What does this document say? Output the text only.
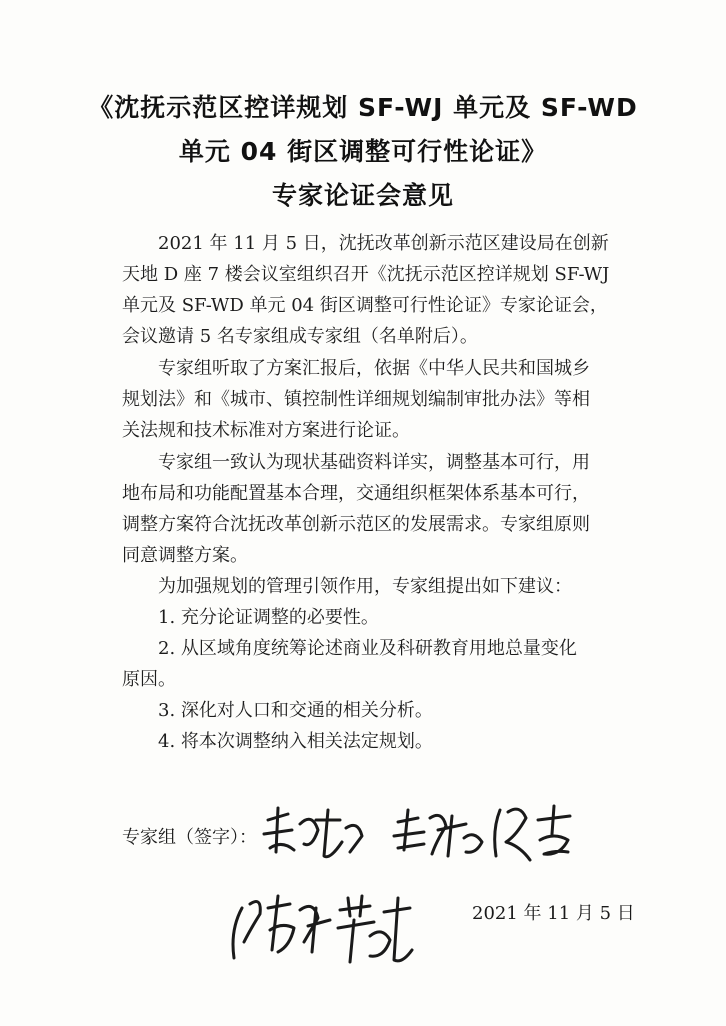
《沈抚示范区控详规划 SF-WJ 单元及 SF-WD
单元 04 街区调整可行性论证》
专家论证会意见
2021 年 11 月 5 日，沈抚改革创新示范区建设局在创新
天地 D 座 7 楼会议室组织召开《沈抚示范区控详规划 SF-WJ
单元及 SF-WD 单元 04 街区调整可行性论证》专家论证会，
会议邀请 5 名专家组成专家组（名单附后）。
专家组听取了方案汇报后，依据《中华人民共和国城乡
规划法》和《城市、镇控制性详细规划编制审批办法》等相
关法规和技术标准对方案进行论证。
专家组一致认为现状基础资料详实，调整基本可行，用
地布局和功能配置基本合理，交通组织框架体系基本可行，
调整方案符合沈抚改革创新示范区的发展需求。专家组原则
同意调整方案。
为加强规划的管理引领作用，专家组提出如下建议：
1. 充分论证调整的必要性。
2. 从区域角度统筹论述商业及科研教育用地总量变化
原因。
3. 深化对人口和交通的相关分析。
4. 将本次调整纳入相关法定规划。
专家组（签字）：
2021 年 11 月 5 日
